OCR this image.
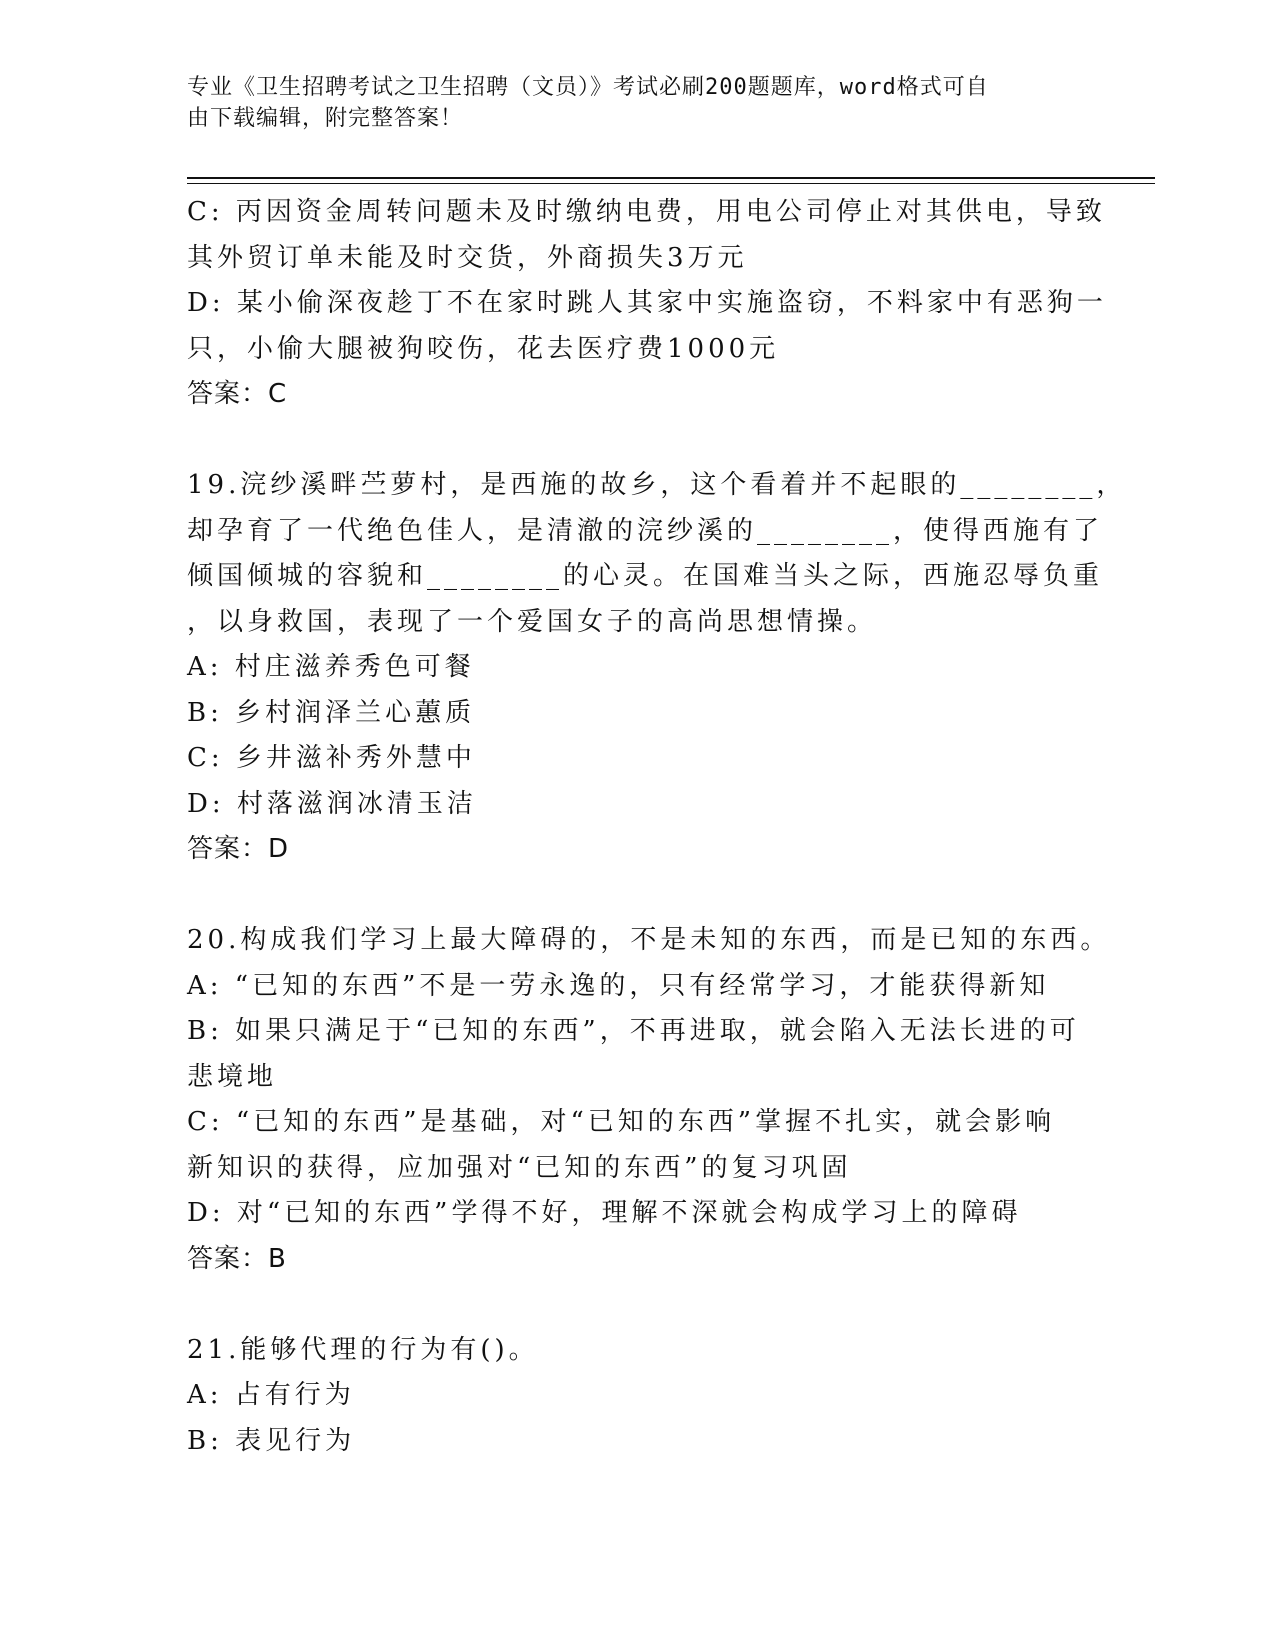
专业《卫生招聘考试之卫生招聘（文员）》考试必刷200题题库，word格式可自
由下载编辑，附完整答案！
C: 丙因资金周转问题未及时缴纳电费，用电公司停止对其供电，导致
其外贸订单未能及时交货，外商损失3万元
D: 某小偷深夜趁丁不在家时跳人其家中实施盗窃，不料家中有恶狗一
只，小偷大腿被狗咬伤，花去医疗费1000元
答案：C
19.浣纱溪畔苎萝村，是西施的故乡，这个看着并不起眼的________，
却孕育了一代绝色佳人，是清澈的浣纱溪的________，使得西施有了
倾国倾城的容貌和________的心灵。在国难当头之际，西施忍辱负重
，以身救国，表现了一个爱国女子的高尚思想情操。
A: 村庄滋养秀色可餐
B: 乡村润泽兰心蕙质
C: 乡井滋补秀外慧中
D: 村落滋润冰清玉洁
答案：D
20.构成我们学习上最大障碍的，不是未知的东西，而是已知的东西。
A: “已知的东西”不是一劳永逸的，只有经常学习，才能获得新知
B: 如果只满足于“已知的东西”，不再进取，就会陷入无法长进的可
悲境地
C: “已知的东西”是基础，对“已知的东西”掌握不扎实，就会影响
新知识的获得，应加强对“已知的东西”的复习巩固
D: 对“已知的东西”学得不好，理解不深就会构成学习上的障碍
答案：B
21.能够代理的行为有()。
A: 占有行为
B: 表见行为
